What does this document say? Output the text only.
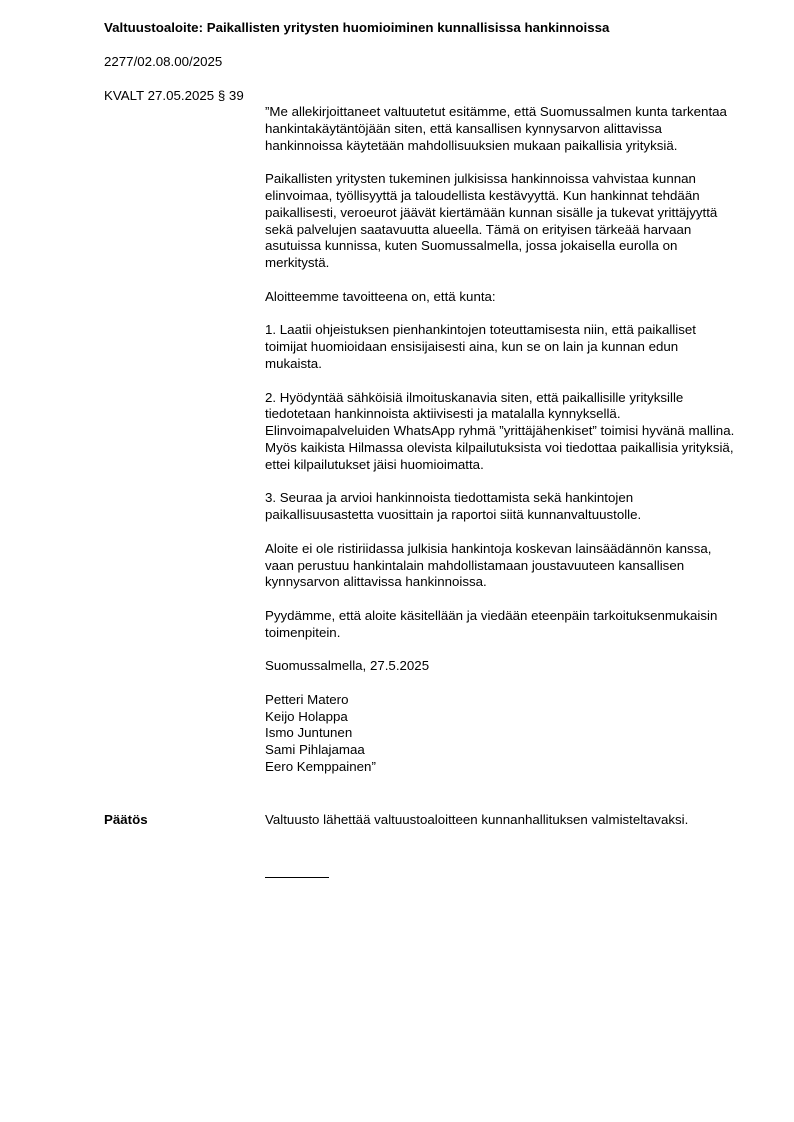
Valtuustoaloite: Paikallisten yritysten huomioiminen kunnallisissa hankinnoissa
2277/02.08.00/2025
KVALT 27.05.2025 § 39

”Me allekirjoittaneet valtuutetut esitämme, että Suomussalmen kunta tarkentaa hankintakäytäntöjään siten, että kansallisen kynnysarvon alittavissa hankinnoissa käytetään mahdollisuuksien mukaan paikallisia yrityksiä.

Paikallisten yritysten tukeminen julkisissa hankinnoissa vahvistaa kunnan elinvoimaa, työllisyyttä ja taloudellista kestävyyttä. Kun hankinnat tehdään paikallisesti, veroeurot jäävät kiertämään kunnan sisälle ja tukevat yrittäjyyttä sekä palvelujen saatavuutta alueella. Tämä on erityisen tärkeää harvaan asutuissa kunnissa, kuten Suomussalmella, jossa jokaisella eurolla on merkitystä.

Aloitteemme tavoitteena on, että kunta:

1. Laatii ohjeistuksen pienhankintojen toteuttamisesta niin, että paikalliset toimijat huomioidaan ensisijaisesti aina, kun se on lain ja kunnan edun mukaista.

2. Hyödyntää sähköisiä ilmoituskanavia siten, että paikallisille yrityksille tiedotetaan hankinnoista aktiivisesti ja matalalla kynnyksellä. Elinvoimapalveluiden WhatsApp ryhmä ”yrittäjähenkiset” toimisi hyvänä mallina. Myös kaikista Hilmassa olevista kilpailutuksista voi tiedottaa paikallisia yrityksiä, ettei kilpailutukset jäisi huomioimatta.

3. Seuraa ja arvioi hankinnoista tiedottamista sekä hankintojen paikallisuusastetta vuosittain ja raportoi siitä kunnanvaltuustolle.

Aloite ei ole ristiriidassa julkisia hankintoja koskevan lainsäädännön kanssa, vaan perustuu hankintalain mahdollistamaan joustavuuteen kansallisen kynnysarvon alittavissa hankinnoissa.

Pyydämme, että aloite käsitellään ja viedään eteenpäin tarkoituksenmukaisin toimenpitein.

Suomussalmella, 27.5.2025

Petteri Matero

Keijo Holappa

Ismo Juntunen

Sami Pihlajamaa

Eero Kemppainen”

Päätös	Valtuusto lähettää valtuustoaloitteen kunnanhallituksen valmisteltavaksi.
